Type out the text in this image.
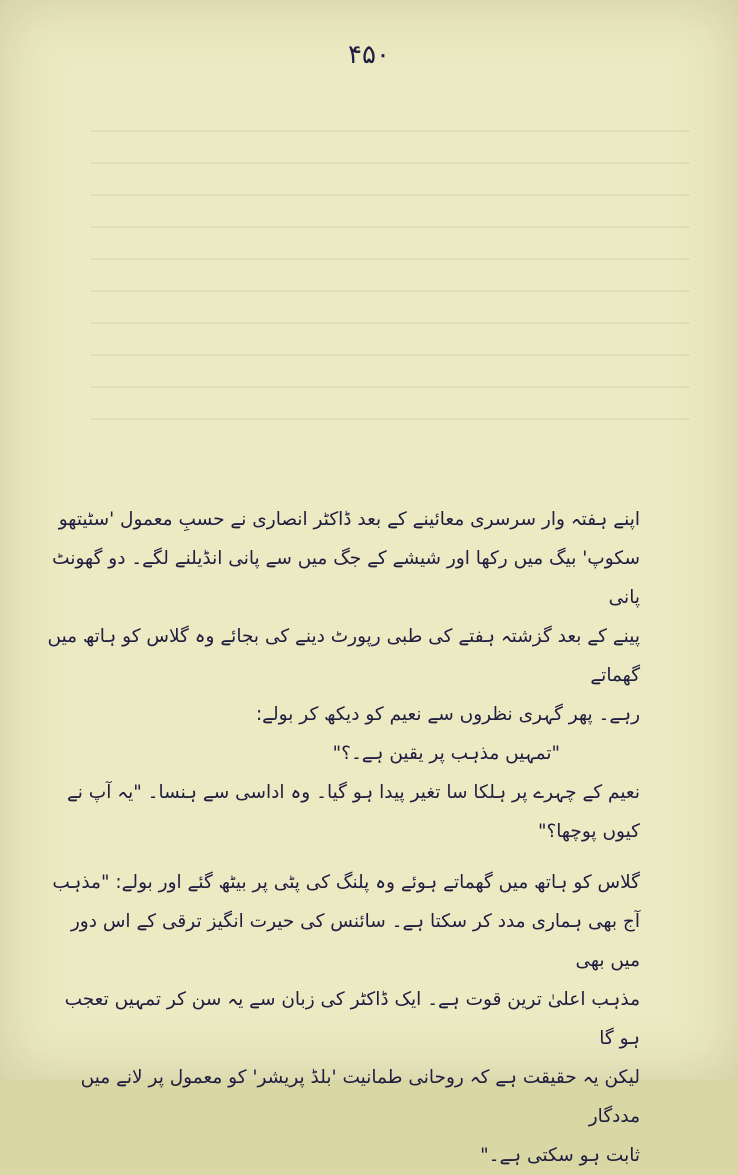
۴۵۰

اپنے ہفتہ وار سرسری معائینے کے بعد ڈاکٹر انصاری نے حسبِ معمول 'سٹیتھو

سکوپ' بیگ میں رکھا اور شیشے کے جگ میں سے پانی انڈیلنے لگے۔ دو گھونٹ پانی

پینے کے بعد گزشتہ ہفتے کی طبی رپورٹ دینے کی بجائے وہ گلاس کو ہاتھ میں گھماتے

رہے۔ پھر گہری نظروں سے نعیم کو دیکھ کر بولے:

"تمہیں مذہب پر یقین ہے۔؟"

نعیم کے چہرے پر ہلکا سا تغیر پیدا ہو گیا۔ وہ اداسی سے ہنسا۔ "یہ آپ نے

کیوں پوچھا؟"

گلاس کو ہاتھ میں گھماتے ہوئے وہ پلنگ کی پٹی پر بیٹھ گئے اور بولے: "مذہب

آج بھی ہماری مدد کر سکتا ہے۔ سائنس کی حیرت انگیز ترقی کے اس دور میں بھی

مذہب اعلیٰ ترین قوت ہے۔ ایک ڈاکٹر کی زبان سے یہ سن کر تمہیں تعجب ہو گا

لیکن یہ حقیقت ہے کہ روحانی طمانیت 'بلڈ پریشر' کو معمول پر لانے میں مددگار

ثابت ہو سکتی ہے۔"
